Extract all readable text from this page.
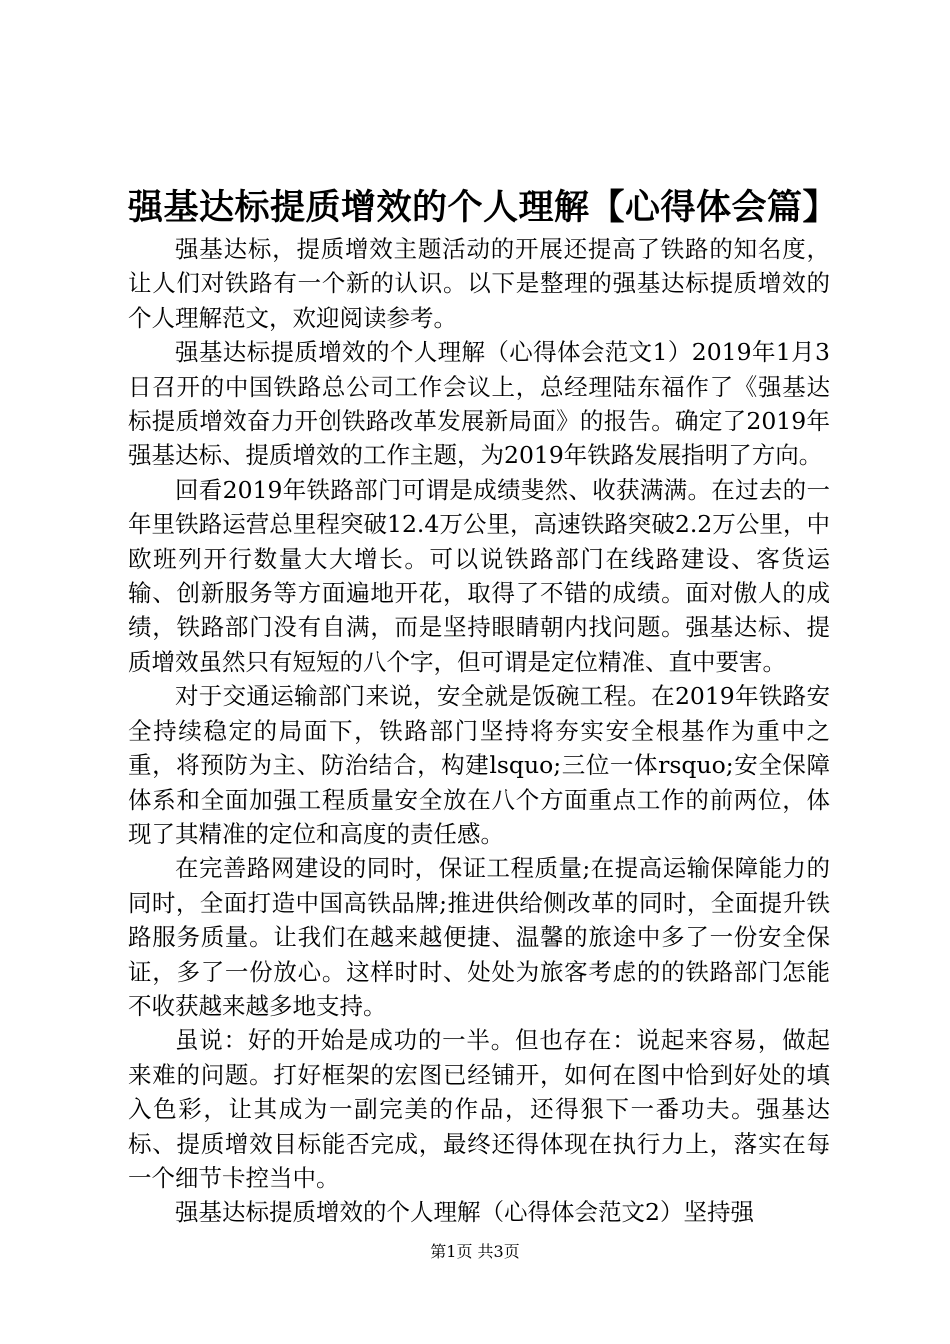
强基达标提质增效的个人理解【心得体会篇】

强基达标，提质增效主题活动的开展还提高了铁路的知名度，让人们对铁路有一个新的认识。以下是整理的强基达标提质增效的个人理解范文，欢迎阅读参考。

强基达标提质增效的个人理解（心得体会范文1）2019年1月3日召开的中国铁路总公司工作会议上，总经理陆东福作了《强基达标提质增效奋力开创铁路改革发展新局面》的报告。确定了2019年强基达标、提质增效的工作主题，为2019年铁路发展指明了方向。

回看2019年铁路部门可谓是成绩斐然、收获满满。在过去的一年里铁路运营总里程突破12.4万公里，高速铁路突破2.2万公里，中欧班列开行数量大大增长。可以说铁路部门在线路建设、客货运输、创新服务等方面遍地开花，取得了不错的成绩。面对傲人的成绩，铁路部门没有自满，而是坚持眼睛朝内找问题。强基达标、提质增效虽然只有短短的八个字，但可谓是定位精准、直中要害。

对于交通运输部门来说，安全就是饭碗工程。在2019年铁路安全持续稳定的局面下，铁路部门坚持将夯实安全根基作为重中之重，将预防为主、防治结合，构建lsquo;三位一体rsquo;安全保障体系和全面加强工程质量安全放在八个方面重点工作的前两位，体现了其精准的定位和高度的责任感。

在完善路网建设的同时，保证工程质量;在提高运输保障能力的同时，全面打造中国高铁品牌;推进供给侧改革的同时，全面提升铁路服务质量。让我们在越来越便捷、温馨的旅途中多了一份安全保证，多了一份放心。这样时时、处处为旅客考虑的的铁路部门怎能不收获越来越多地支持。

虽说：好的开始是成功的一半。但也存在：说起来容易，做起来难的问题。打好框架的宏图已经铺开，如何在图中恰到好处的填入色彩，让其成为一副完美的作品，还得狠下一番功夫。强基达标、提质增效目标能否完成，最终还得体现在执行力上，落实在每一个细节卡控当中。

强基达标提质增效的个人理解（心得体会范文2）坚持强

第1页 共3页
